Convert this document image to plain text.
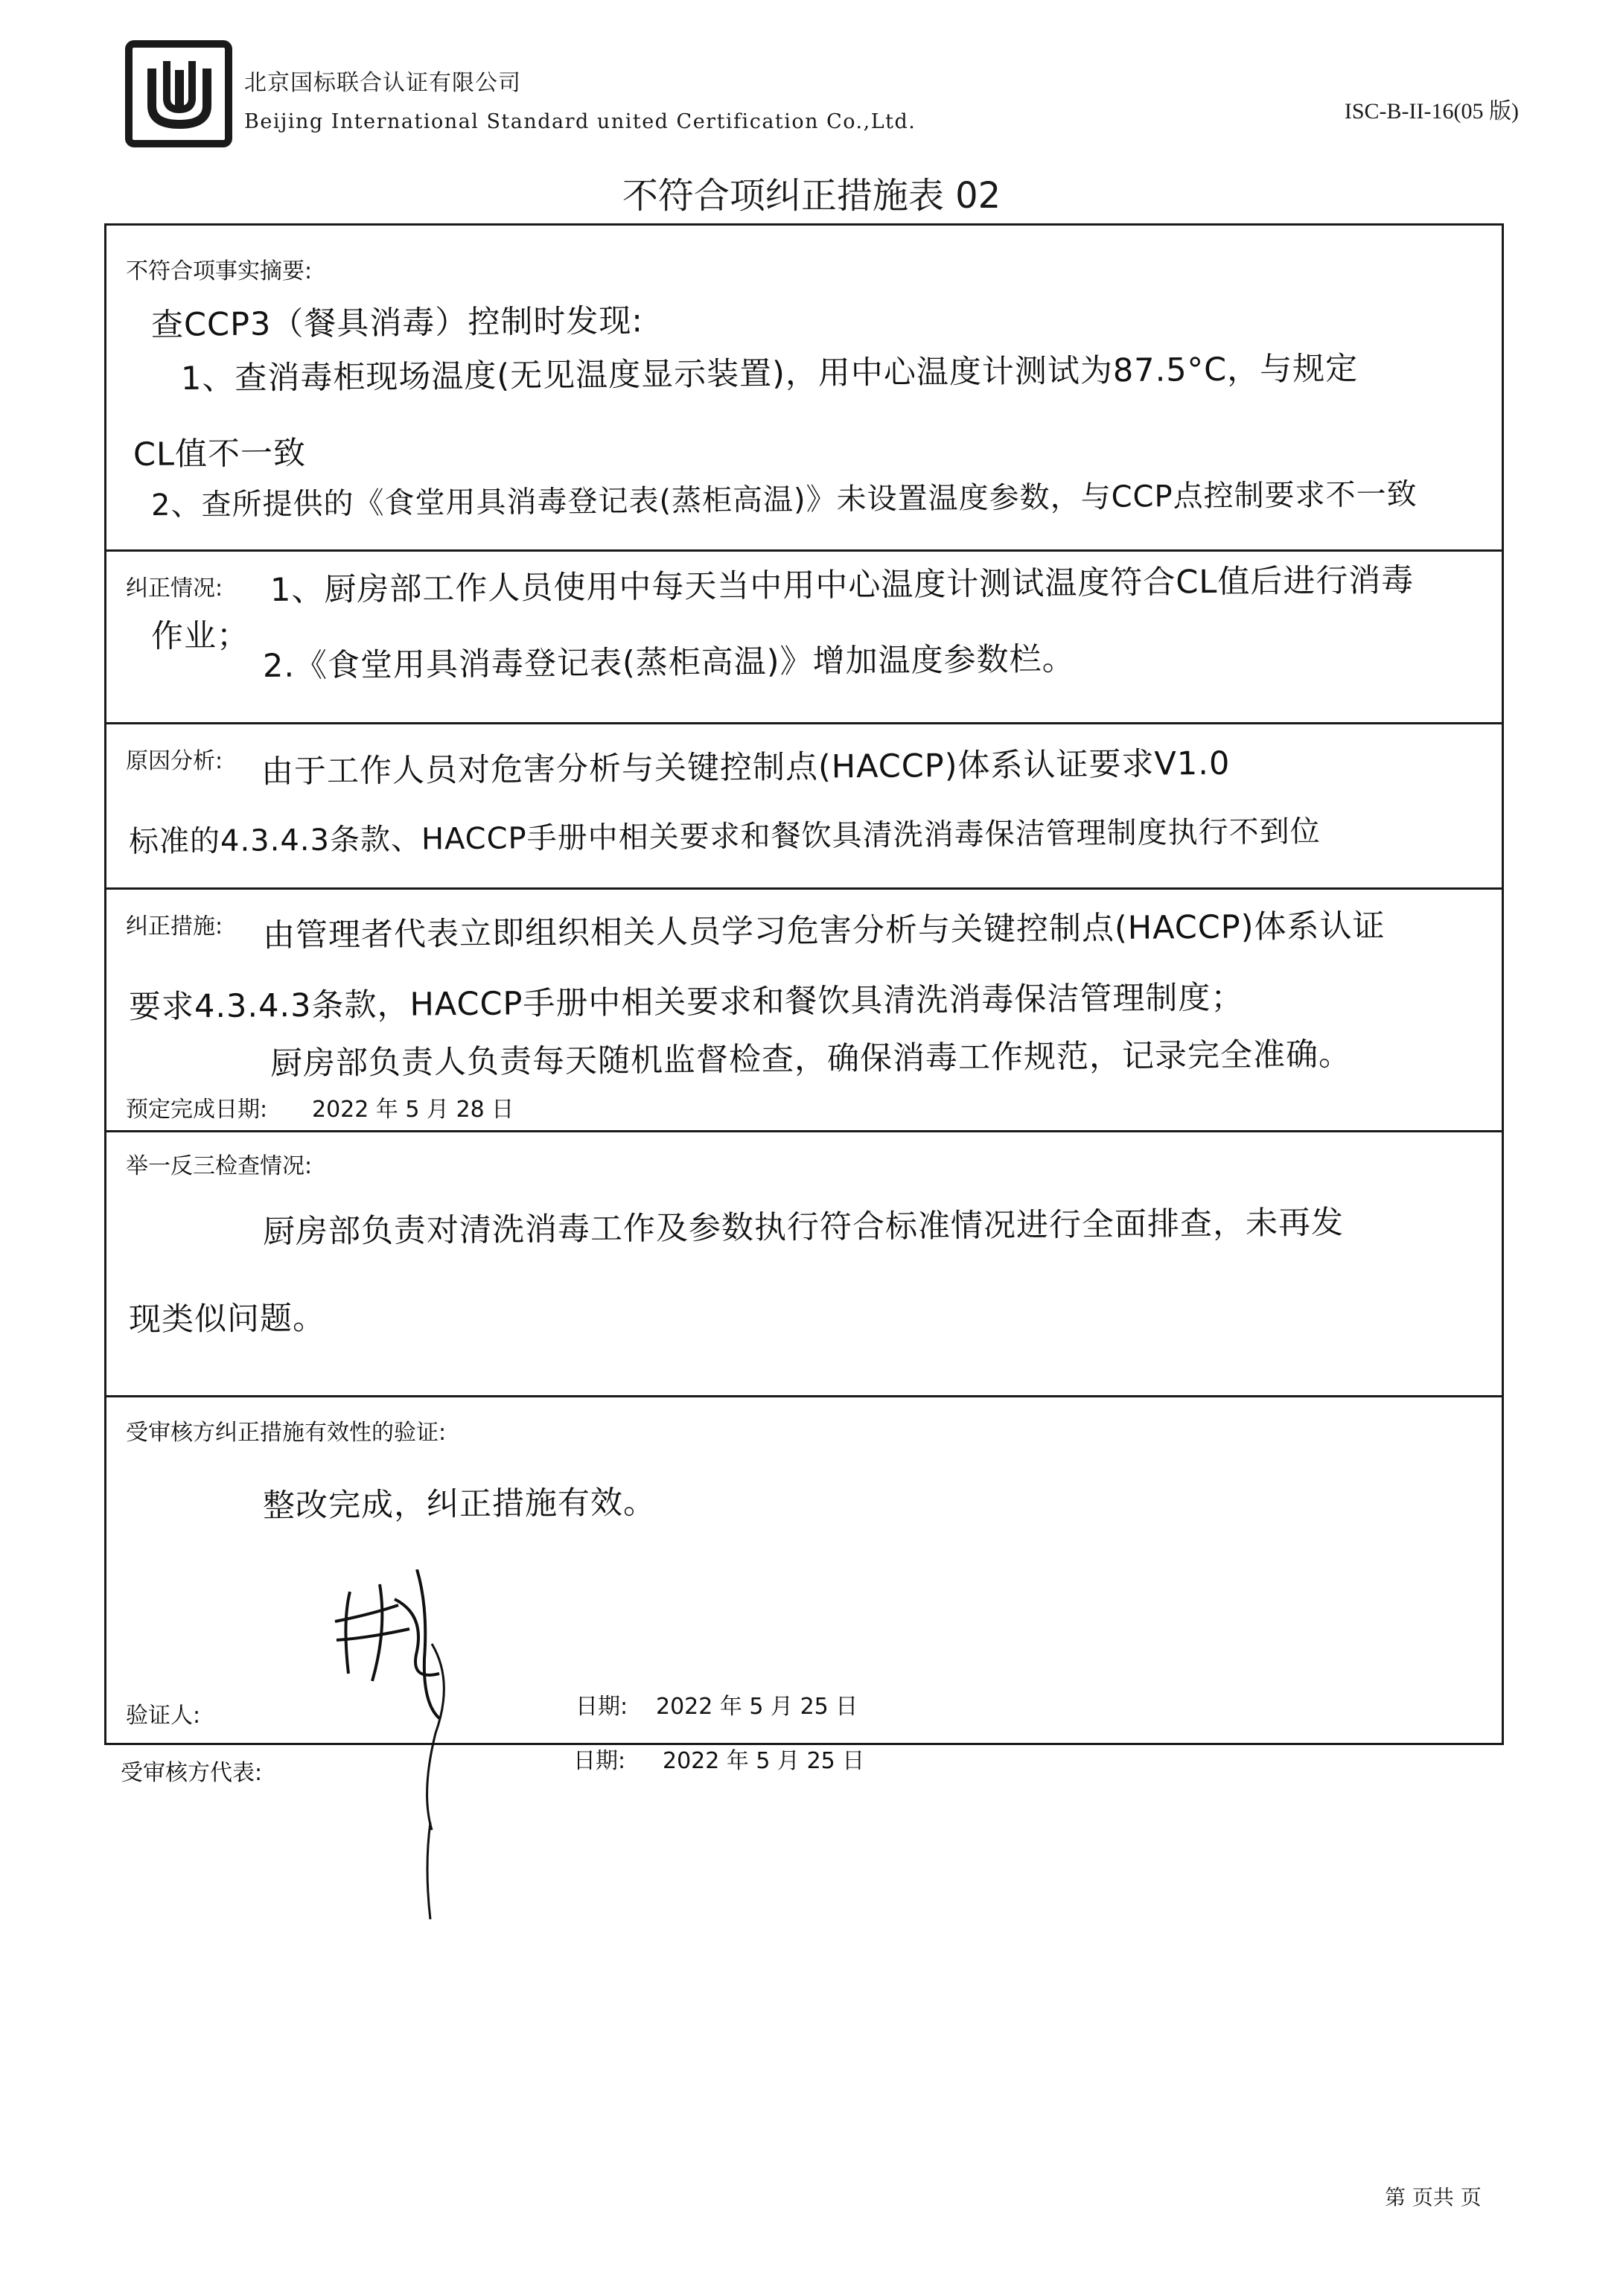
北京国标联合认证有限公司
Beijing International Standard united Certification Co.,Ltd.	ISC-B-II-16(05 版)
不符合项纠正措施表 02
不符合项事实摘要:
查CCP3（餐具消毒）控制时发现:
1、查消毒柜现场温度(无见温度显示装置)，用中心温度计测试为87.5°C，与规定
CL值不一致
2、查所提供的《食堂用具消毒登记表(蒸柜高温)》未设置温度参数，与CCP点控制要求不一致
纠正情况: 1、厨房部工作人员使用中每天当中用中心温度计测试温度符合CL值后进行消毒
作业；
2.《食堂用具消毒登记表(蒸柜高温)》增加温度参数栏。
原因分析: 由于工作人员对危害分析与关键控制点(HACCP)体系认证要求V1.0
标准的4.3.4.3条款、HACCP手册中相关要求和餐饮具清洗消毒保洁管理制度执行不到位
纠正措施: 由管理者代表立即组织相关人员学习危害分析与关键控制点(HACCP)体系认证
要求4.3.4.3条款，HACCP手册中相关要求和餐饮具清洗消毒保洁管理制度；
厨房部负责人负责每天随机监督检查，确保消毒工作规范，记录完全准确。
预定完成日期: 2022 年 5 月 28 日
举一反三检查情况:
厨房部负责对清洗消毒工作及参数执行符合标准情况进行全面排查，未再发
现类似问题。
受审核方纠正措施有效性的验证:
整改完成，纠正措施有效。
验证人:	日期: 2022 年 5 月 25 日
受审核方代表:	日期: 2022 年 5 月 25 日
第 页共 页
